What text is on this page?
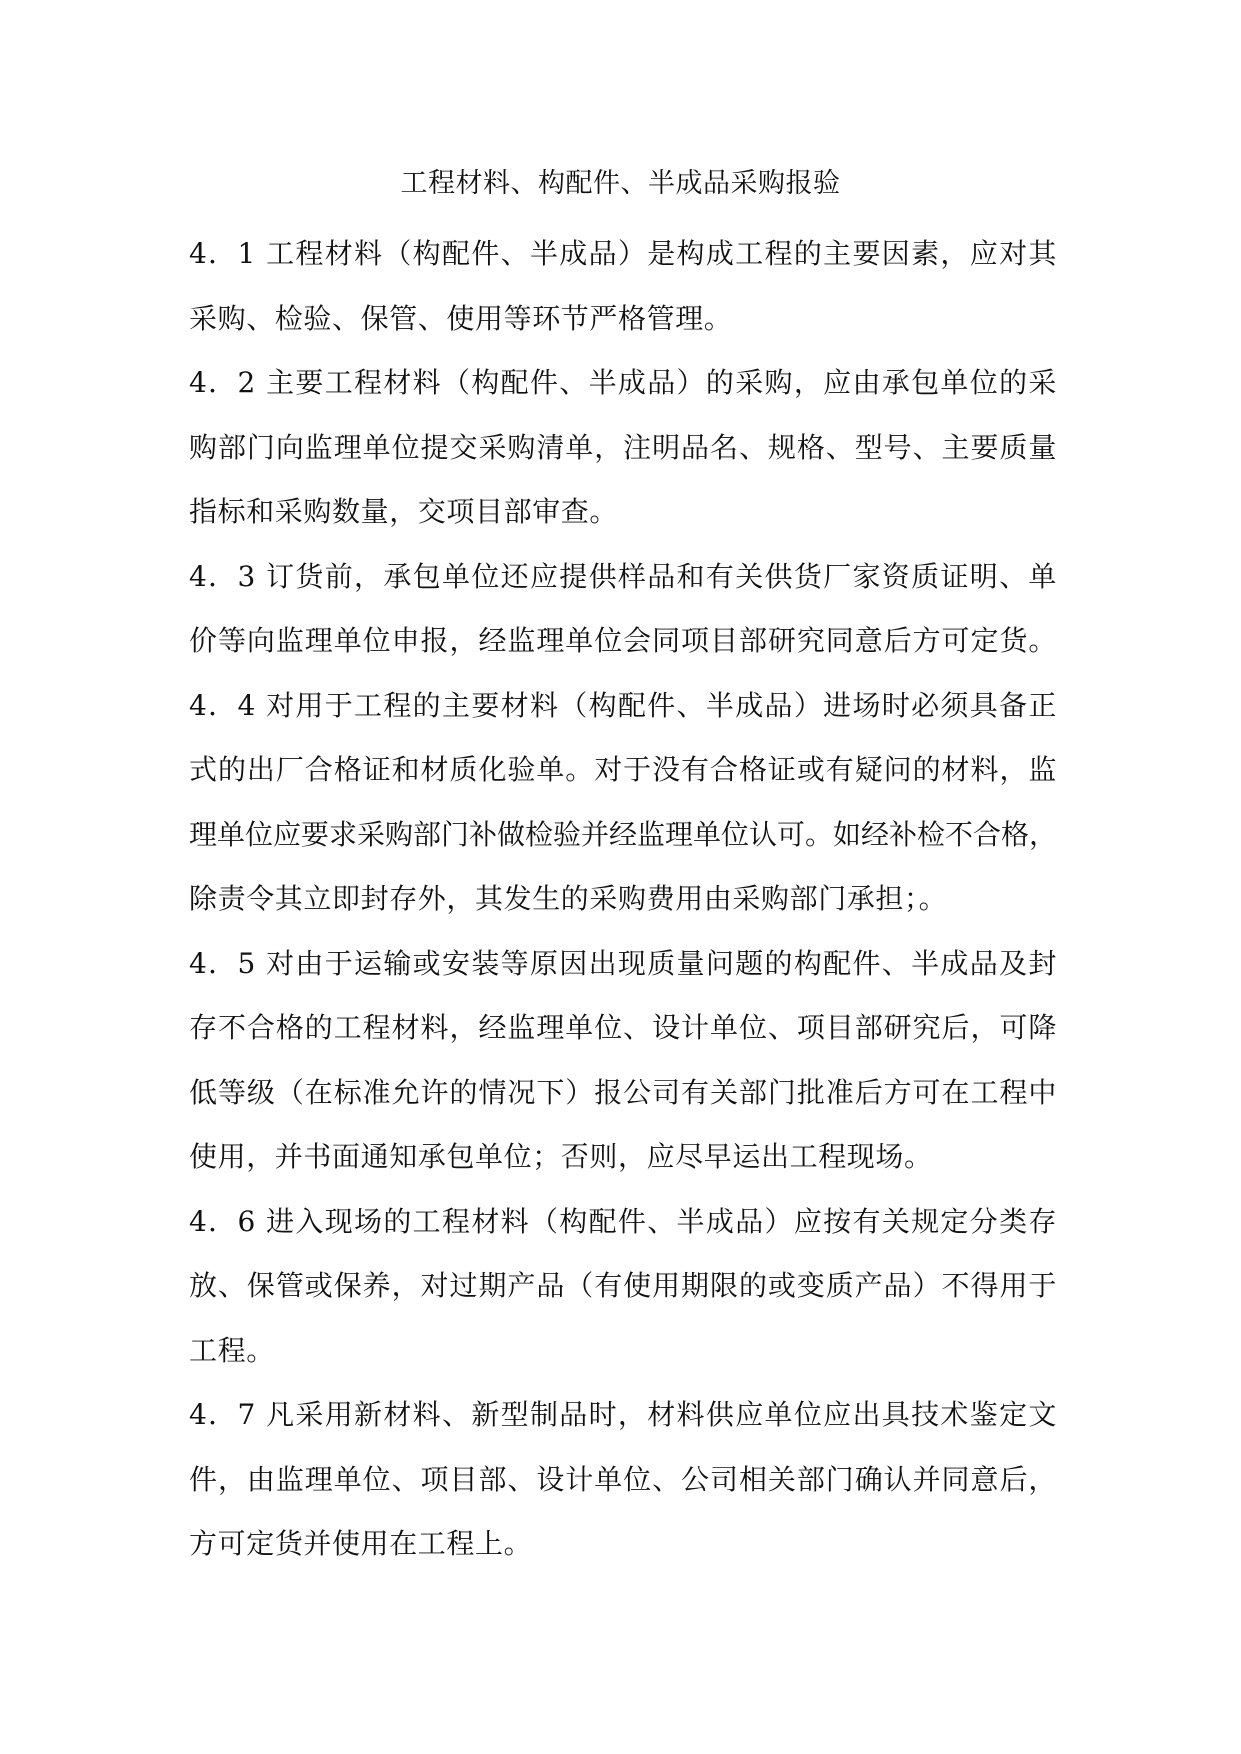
工程材料、构配件、半成品采购报验
4．1 工程材料（构配件、半成品）是构成工程的主要因素，应对其
采购、检验、保管、使用等环节严格管理。
4．2 主要工程材料（构配件、半成品）的采购，应由承包单位的采
购部门向监理单位提交采购清单，注明品名、规格、型号、主要质量
指标和采购数量，交项目部审查。
4．3 订货前，承包单位还应提供样品和有关供货厂家资质证明、单
价等向监理单位申报，经监理单位会同项目部研究同意后方可定货。
4．4 对用于工程的主要材料（构配件、半成品）进场时必须具备正
式的出厂合格证和材质化验单。对于没有合格证或有疑问的材料，监
理单位应要求采购部门补做检验并经监理单位认可。如经补检不合格，
除责令其立即封存外，其发生的采购费用由采购部门承担；。
4．5 对由于运输或安装等原因出现质量问题的构配件、半成品及封
存不合格的工程材料，经监理单位、设计单位、项目部研究后，可降
低等级（在标准允许的情况下）报公司有关部门批准后方可在工程中
使用，并书面通知承包单位；否则，应尽早运出工程现场。
4．6 进入现场的工程材料（构配件、半成品）应按有关规定分类存
放、保管或保养，对过期产品（有使用期限的或变质产品）不得用于
工程。
4．7 凡采用新材料、新型制品时，材料供应单位应出具技术鉴定文
件，由监理单位、项目部、设计单位、公司相关部门确认并同意后，
方可定货并使用在工程上。
